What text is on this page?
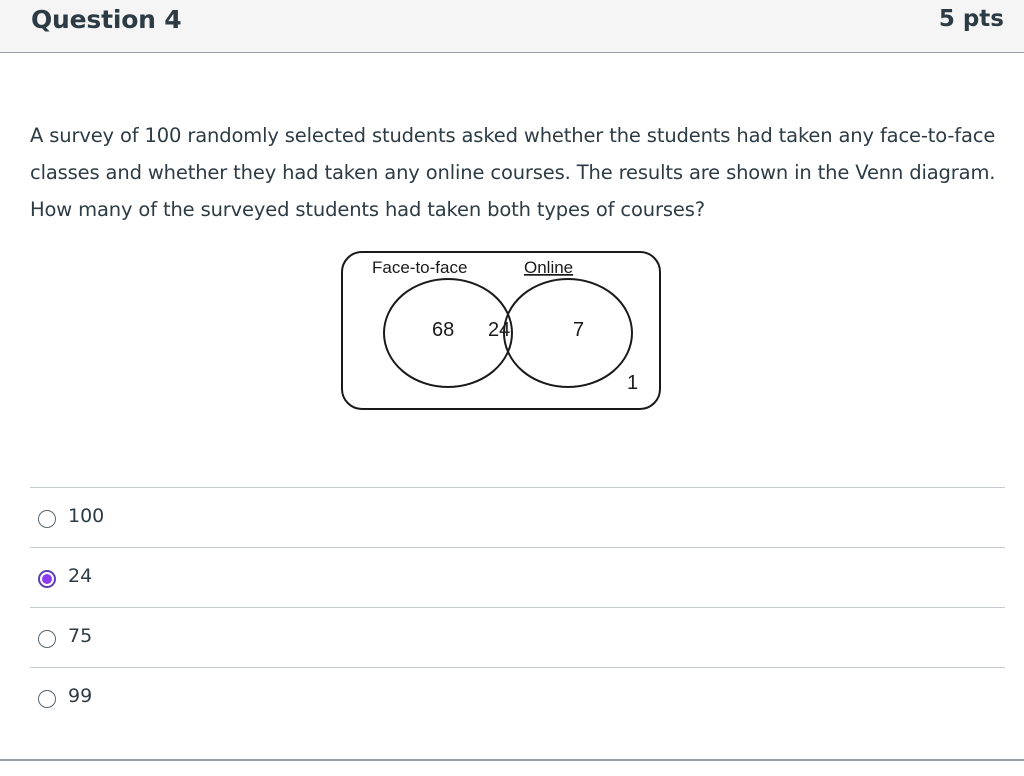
Question 4	5 pts
A survey of 100 randomly selected students asked whether the students had taken any face-to-face classes and whether they had taken any online courses. The results are shown in the Venn diagram. How many of the surveyed students had taken both types of courses?
Face-to-face	Online
68 24	7
1
100
24
75
99
